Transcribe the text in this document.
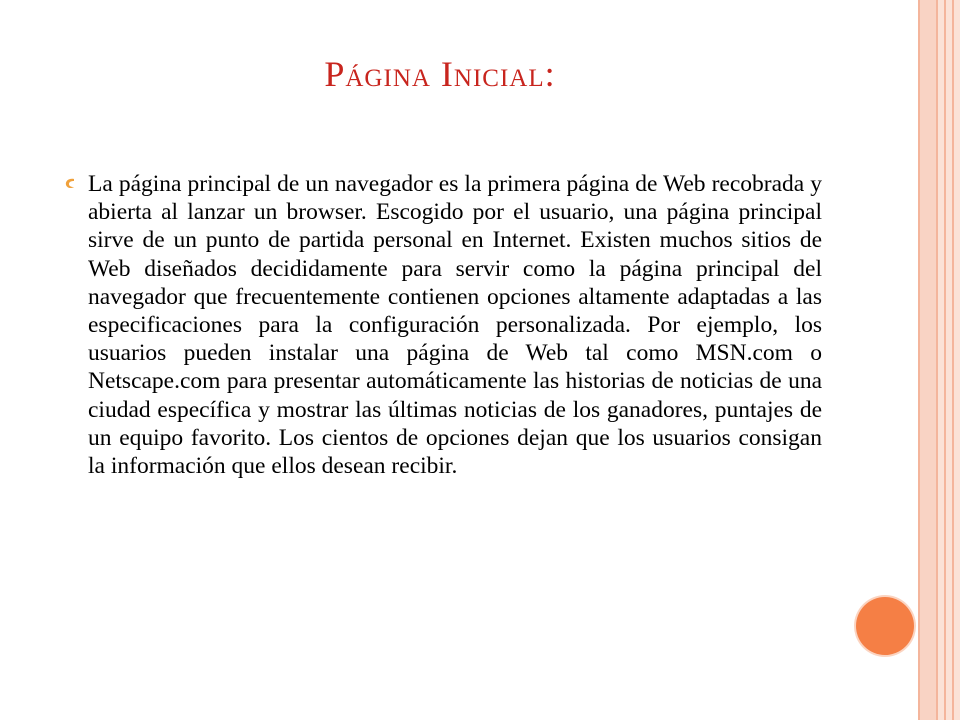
Página Inicial:
La página principal de un navegador es la primera página de Web recobrada y abierta al lanzar un browser. Escogido por el usuario, una página principal sirve de un punto de partida personal en Internet. Existen muchos sitios de Web diseñados decididamente para servir como la página principal del navegador que frecuentemente contienen opciones altamente adaptadas a las especificaciones para la configuración personalizada. Por ejemplo, los usuarios pueden instalar una página de Web tal como MSN.com o Netscape.com para presentar automáticamente las historias de noticias de una ciudad específica y mostrar las últimas noticias de los ganadores, puntajes de un equipo favorito. Los cientos de opciones dejan que los usuarios consigan la información que ellos desean recibir.
